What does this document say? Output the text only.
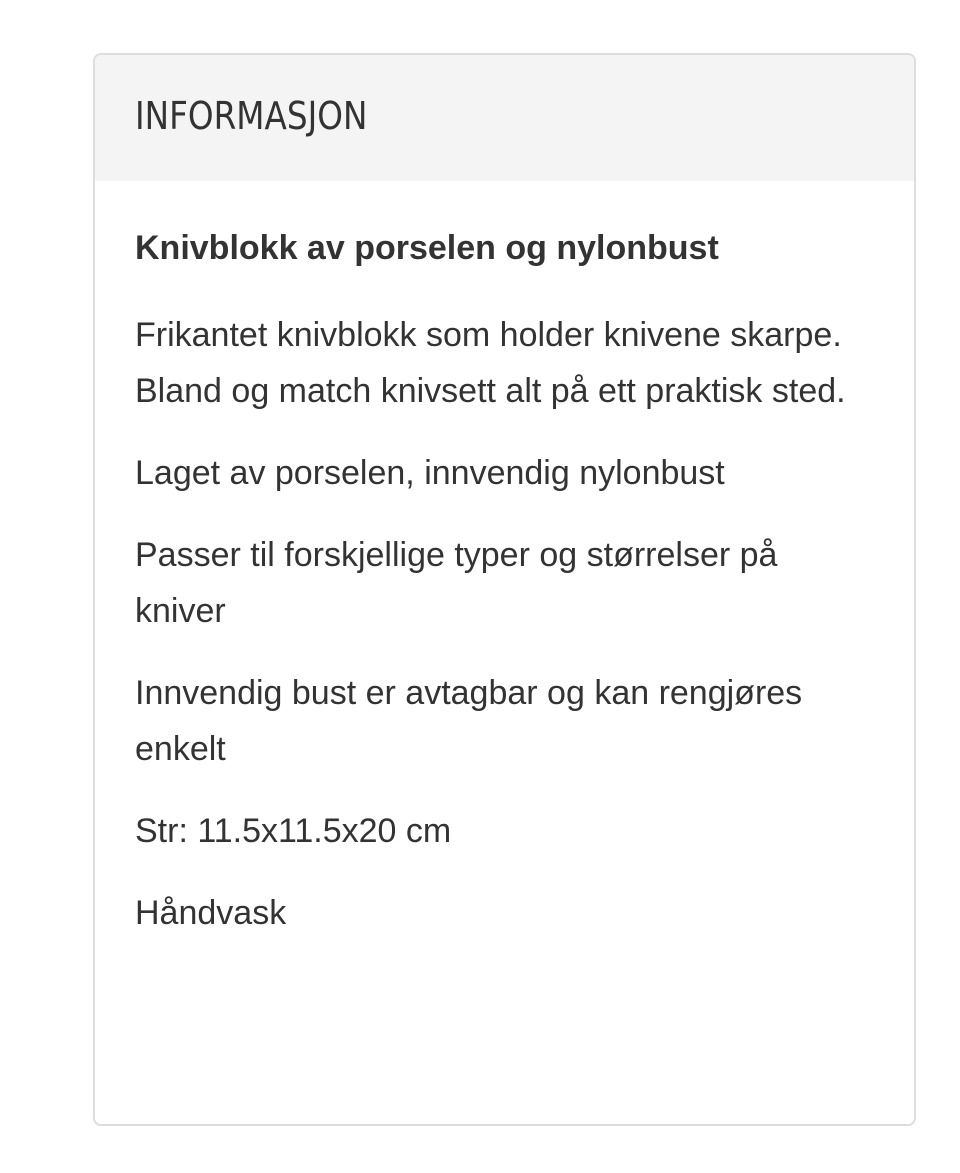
INFORMASJON

Knivblokk av porselen og nylonbust

Frikantet knivblokk som holder knivene skarpe. Bland og match knivsett alt på ett praktisk sted.

Laget av porselen, innvendig nylonbust

Passer til forskjellige typer og størrelser på kniver

Innvendig bust er avtagbar og kan rengjøres enkelt

Str: 11.5x11.5x20 cm

Håndvask
